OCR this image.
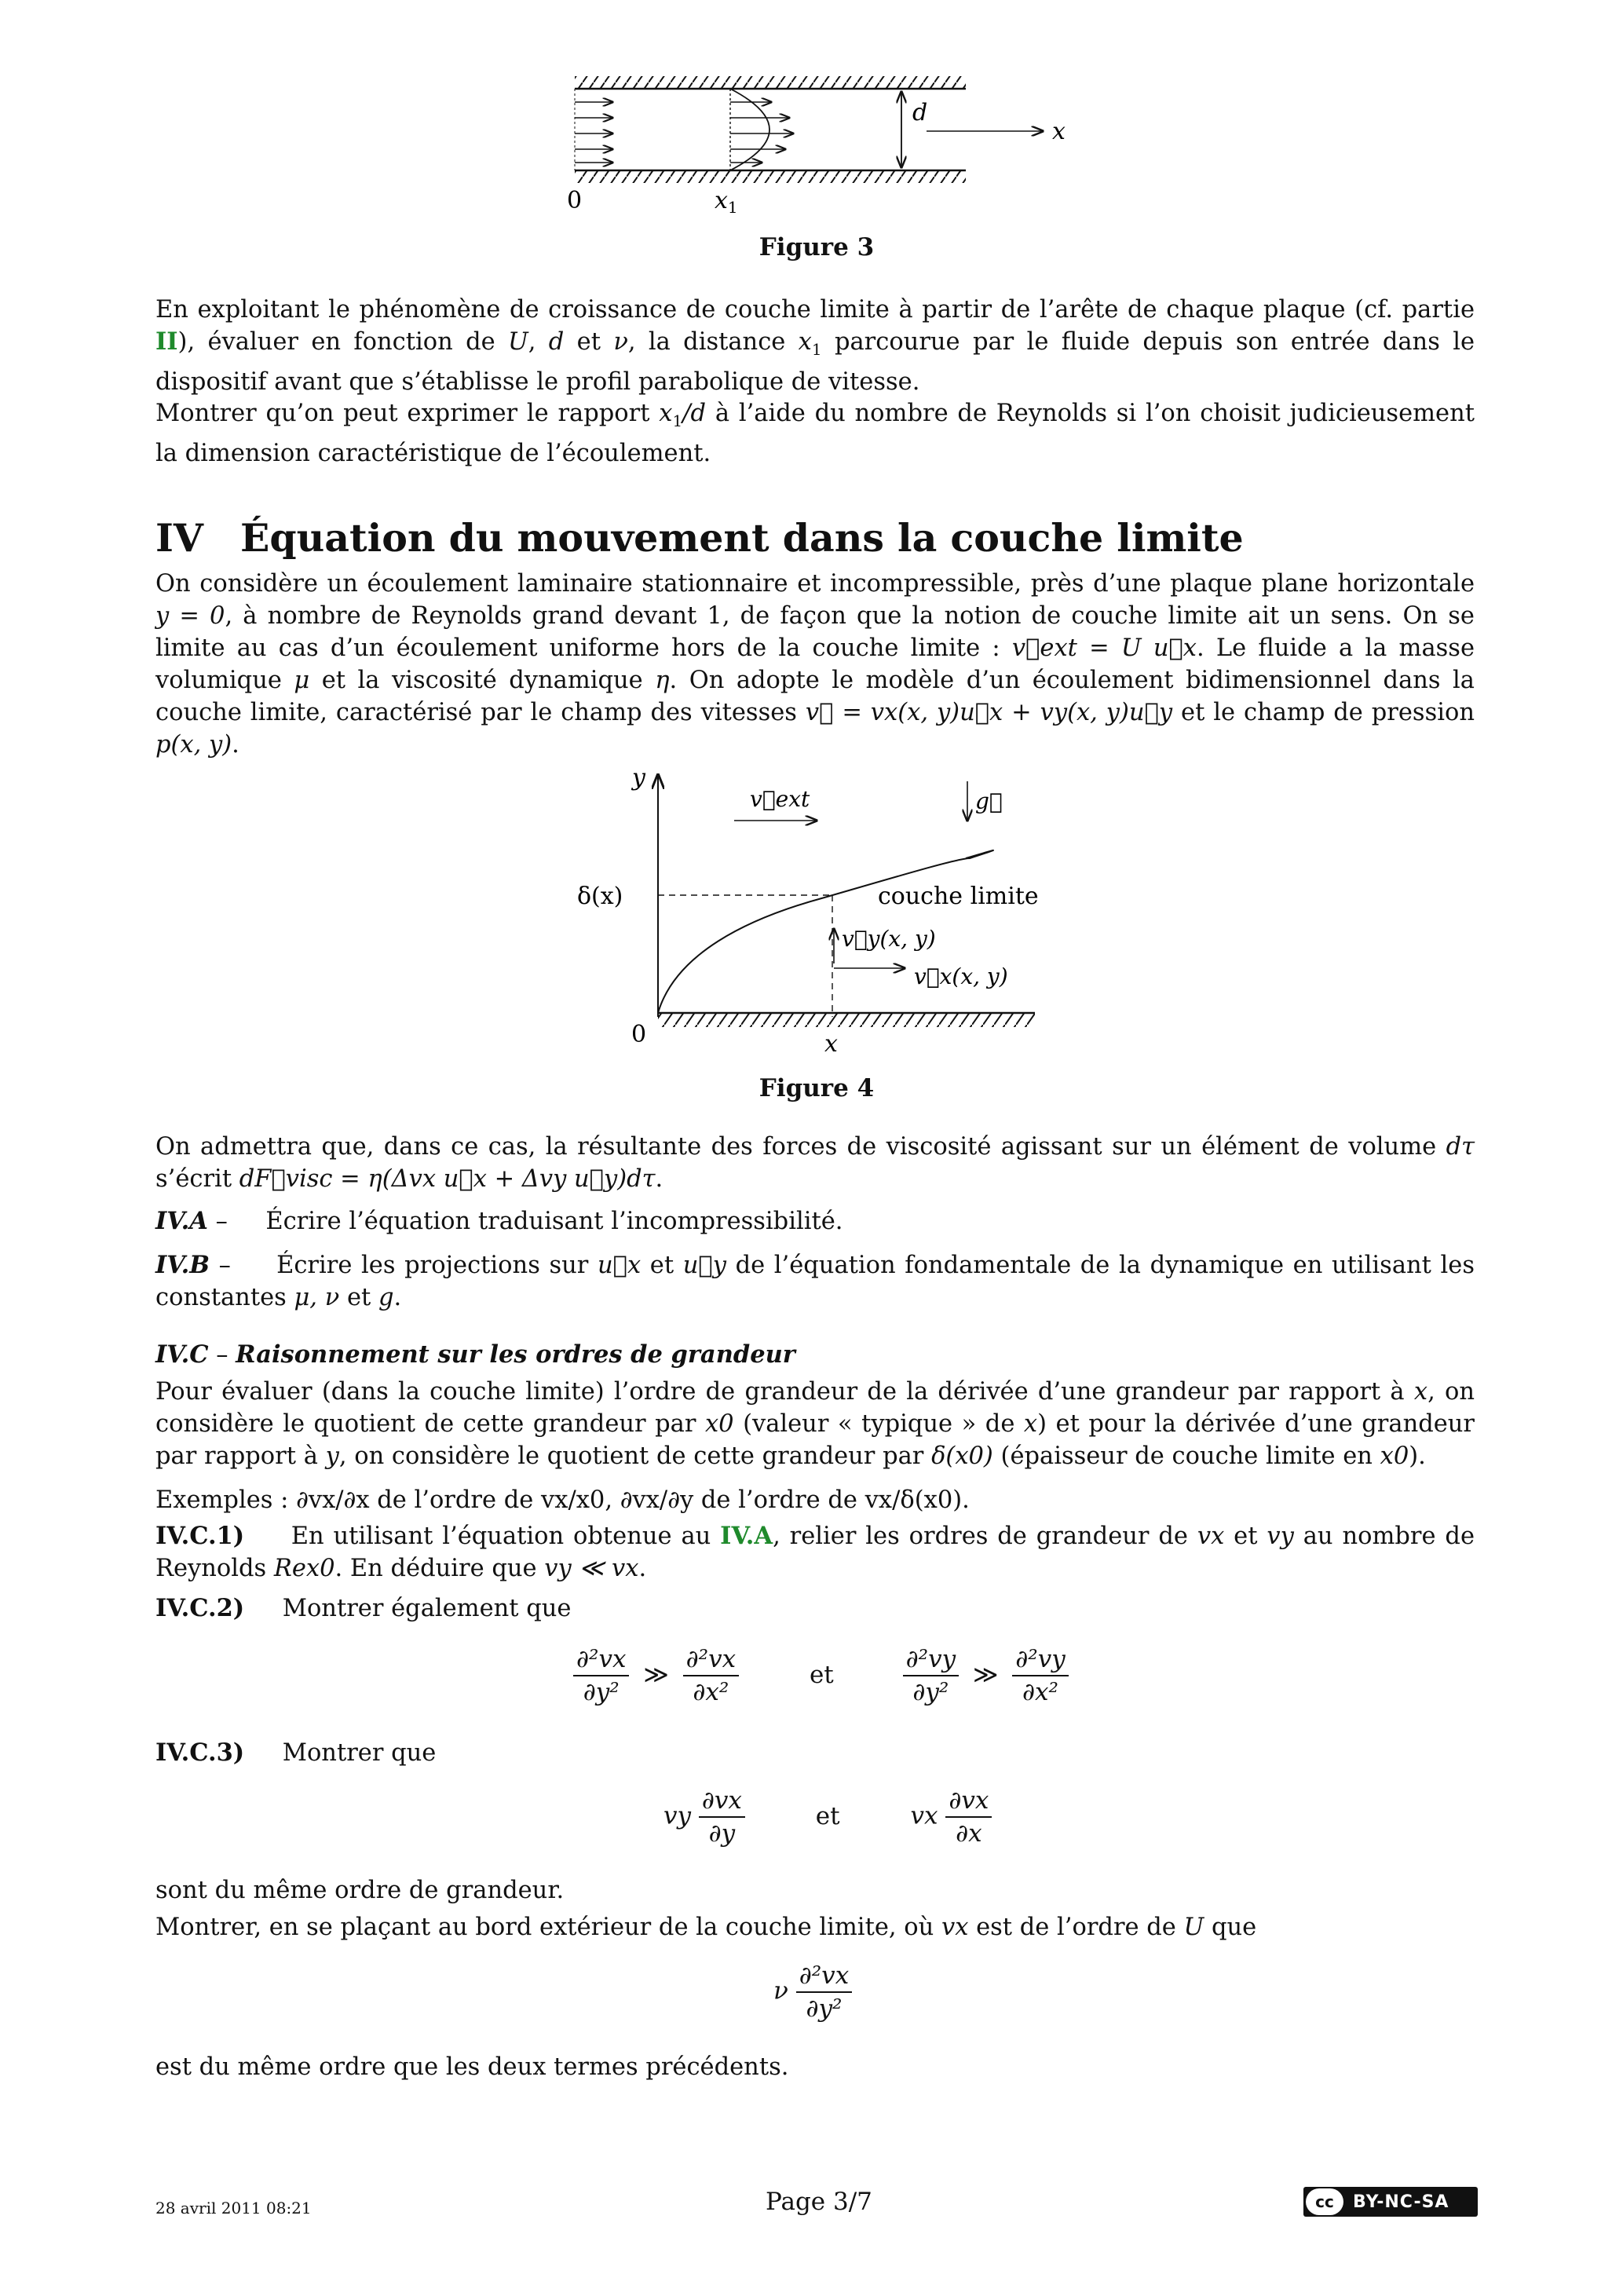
d
x
0	$x_1$
Figure 3

En exploitant le phénomène de croissance de couche limite à partir de l’arête de chaque plaque (cf. partie II), évaluer en fonction de U, d et ν, la distance $x_1$ parcourue par le fluide depuis son entrée dans le dispositif avant que s’établisse le profil parabolique de vitesse.

Montrer qu’on peut exprimer le rapport $x_1/d$ à l’aide du nombre de Reynolds si l’on choisit judicieusement la dimension caractéristique de l’écoulement.

IV Équation du mouvement dans la couche limite

On considère un écoulement laminaire stationnaire et incompressible, près d’une plaque plane horizontale y = 0, à nombre de Reynolds grand devant 1, de façon que la notion de couche limite ait un sens. On se limite au cas d’un écoulement uniforme hors de la couche limite : v⃗ext = U u⃗x. Le fluide a la masse volumique μ et la viscosité dynamique η. On adopte le modèle d’un écoulement bidimensionnel dans la couche limite, caractérisé par le champ des vitesses v⃗ = vx(x, y)u⃗x + vy(x, y)u⃗y et le champ de pression p(x, y).

y
v⃗ext	g⃗
δ(x)	couche limite
v⃗y(x, y)
v⃗x(x, y)
0	x
Figure 4

On admettra que, dans ce cas, la résultante des forces de viscosité agissant sur un élément de volume dτ s’écrit dF⃗visc = η(Δvx u⃗x + Δvy u⃗y)dτ.

IV.A –     Écrire l’équation traduisant l’incompressibilité.

IV.B –     Écrire les projections sur u⃗x et u⃗y de l’équation fondamentale de la dynamique en utilisant les constantes μ, ν et g.

IV.C – Raisonnement sur les ordres de grandeur

Pour évaluer (dans la couche limite) l’ordre de grandeur de la dérivée d’une grandeur par rapport à x, on considère le quotient de cette grandeur par x0 (valeur « typique » de x) et pour la dérivée d’une grandeur par rapport à y, on considère le quotient de cette grandeur par δ(x0) (épaisseur de couche limite en x0).

Exemples : ∂vx/∂x de l’ordre de vx/x0, ∂vx/∂y de l’ordre de vx/δ(x0).

IV.C.1) En utilisant l’équation obtenue au IV.A, relier les ordres de grandeur de vx et vy au nombre de Reynolds Rex0. En déduire que vy ≪ vx.

IV.C.2) Montrer également que

$\frac{\text{∂²vx}}{\text{∂y²}}$ ≫ $\frac{\text{∂²vx}}{\text{∂x²}}$	et	$\frac{\text{∂²vy}}{\text{∂y²}}$ ≫ $\frac{\text{∂²vy}}{\text{∂x²}}$

IV.C.3) Montrer que

vy $\frac{\partial vx}{\partial y}$	et	vx $\frac{\partial vx}{\partial x}$

sont du même ordre de grandeur.

Montrer, en se plaçant au bord extérieur de la couche limite, où vx est de l’ordre de U que

ν $\frac{\text{∂²vx}}{\text{∂y²}}$

est du même ordre que les deux termes précédents.

28 avril 2011 08:21	Page 3/7	cc	BY-NC-SA
